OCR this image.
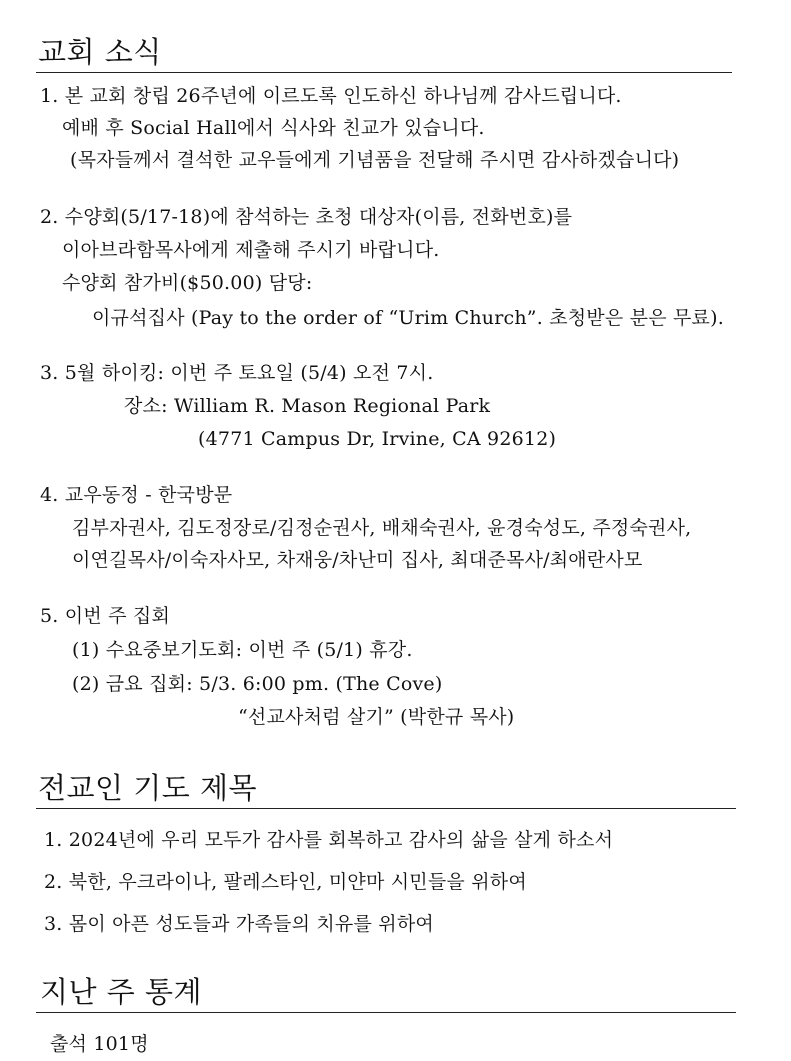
교회 소식

1. 본 교회 창립 26주년에 이르도록 인도하신 하나님께 감사드립니다.

예배 후 Social Hall에서 식사와 친교가 있습니다.

(목자들께서 결석한 교우들에게 기념품을 전달해 주시면 감사하겠습니다)

2. 수양회(5/17-18)에 참석하는 초청 대상자(이름, 전화번호)를

이아브라함목사에게 제출해 주시기 바랍니다.

수양회 참가비($50.00) 담당:

이규석집사 (Pay to the order of “Urim Church”. 초청받은 분은 무료).

3. 5월 하이킹: 이번 주 토요일 (5/4) 오전 7시.

장소: William R. Mason Regional Park

(4771 Campus Dr, Irvine, CA 92612)

4. 교우동정 - 한국방문

김부자권사, 김도정장로/김정순권사, 배채숙권사, 윤경숙성도, 주정숙권사,

이연길목사/이숙자사모, 차재웅/차난미 집사, 최대준목사/최애란사모

5. 이번 주 집회

(1) 수요중보기도회: 이번 주 (5/1) 휴강.

(2) 금요 집회: 5/3. 6:00 pm. (The Cove)

“선교사처럼 살기” (박한규 목사)

전교인 기도 제목

1. 2024년에 우리 모두가 감사를 회복하고 감사의 삶을 살게 하소서

2. 북한, 우크라이나, 팔레스타인, 미얀마 시민들을 위하여

3. 몸이 아픈 성도들과 가족들의 치유를 위하여

지난 주 통계

출석 101명
